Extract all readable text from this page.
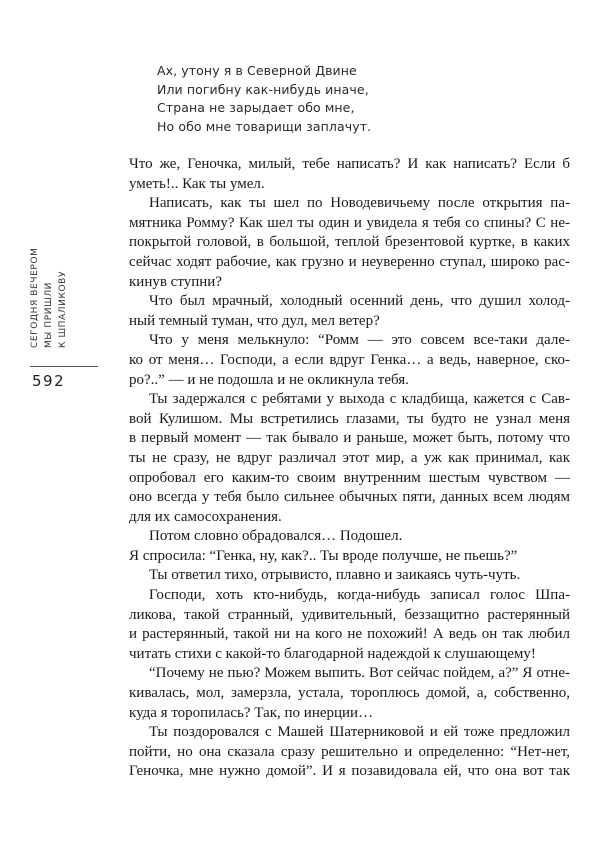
Ах, утону я в Северной Двине
Или погибну как-нибудь иначе,
Страна не зарыдает обо мне,
Но обо мне товарищи заплачут.
СЕГОДНЯ ВЕЧЕРОМ МЫ ПРИШЛИ К ШПАЛИКОВУ
592
Что же, Геночка, милый, тебе написать? И как написать? Если б
уметь!.. Как ты умел.
Написать, как ты шел по Новодевичьему после открытия па-
мятника Ромму? Как шел ты один и увидела я тебя со спины? С не-
покрытой головой, в большой, теплой брезентовой куртке, в каких
сейчас ходят рабочие, как грузно и неуверенно ступал, широко рас-
кинув ступни?
Что был мрачный, холодный осенний день, что душил холод-
ный темный туман, что дул, мел ветер?
Что у меня мелькнуло: “Ромм — это совсем все-таки дале-
ко от меня… Господи, а если вдруг Генка… а ведь, наверное, ско-
ро?..” — и не подошла и не окликнула тебя.
Ты задержался с ребятами у выхода с кладбища, кажется с Сав-
вой Кулишом. Мы встретились глазами, ты будто не узнал меня
в первый момент — так бывало и раньше, может быть, потому что
ты не сразу, не вдруг различал этот мир, а уж как принимал, как
опробовал его каким-то своим внутренним шестым чувством —
оно всегда у тебя было сильнее обычных пяти, данных всем людям
для их самосохранения.
Потом словно обрадовался… Подошел.
Я спросила: “Генка, ну, как?.. Ты вроде получше, не пьешь?”
Ты ответил тихо, отрывисто, плавно и заикаясь чуть-чуть.
Господи, хоть кто-нибудь, когда-нибудь записал голос Шпа-
ликова, такой странный, удивительный, беззащитно растерянный
и растерянный, такой ни на кого не похожий! А ведь он так любил
читать стихи с какой-то благодарной надеждой к слушающему!
“Почему не пью? Можем выпить. Вот сейчас пойдем, а?” Я отне-
кивалась, мол, замерзла, устала, тороплюсь домой, а, собственно,
куда я торопилась? Так, по инерции…
Ты поздоровался с Машей Шатерниковой и ей тоже предложил
пойти, но она сказала сразу решительно и определенно: “Нет-нет,
Геночка, мне нужно домой”. И я позавидовала ей, что она вот так
